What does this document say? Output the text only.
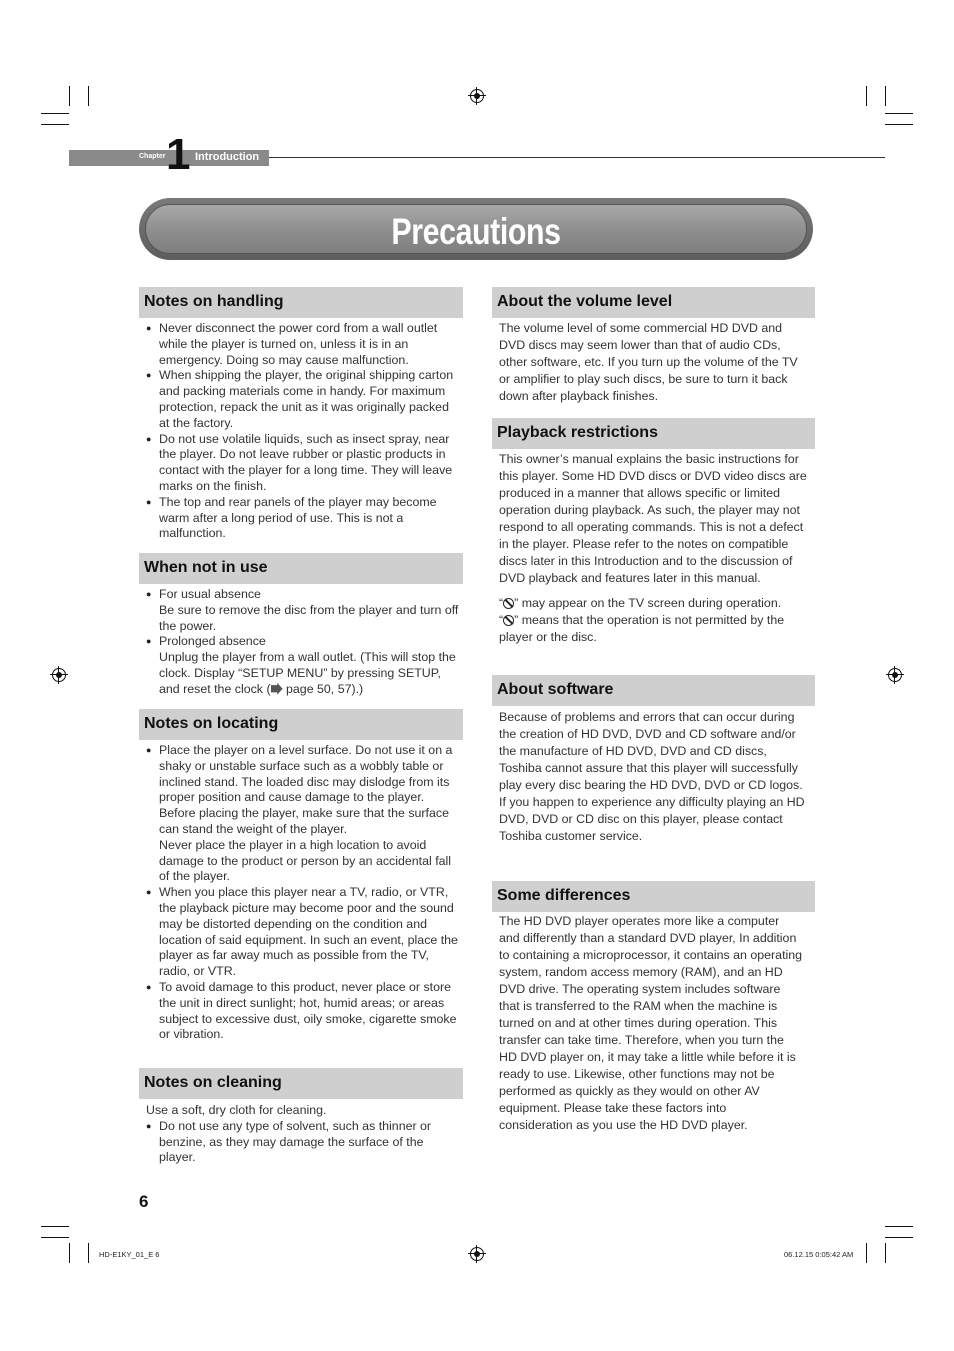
Chapter 1 Introduction
Precautions
Notes on handling
● Never disconnect the power cord from a wall outlet while the player is turned on, unless it is in an emergency. Doing so may cause malfunction.
● When shipping the player, the original shipping carton and packing materials come in handy. For maximum protection, repack the unit as it was originally packed at the factory.
● Do not use volatile liquids, such as insect spray, near the player. Do not leave rubber or plastic products in contact with the player for a long time. They will leave marks on the finish.
● The top and rear panels of the player may become warm after a long period of use. This is not a malfunction.
When not in use
● For usual absence
Be sure to remove the disc from the player and turn off the power.
● Prolonged absence
Unplug the player from a wall outlet. (This will stop the clock. Display “SETUP MENU” by pressing SETUP, and reset the clock ( page 50, 57).)
Notes on locating
● Place the player on a level surface. Do not use it on a shaky or unstable surface such as a wobbly table or inclined stand. The loaded disc may dislodge from its proper position and cause damage to the player.
Before placing the player, make sure that the surface can stand the weight of the player.
Never place the player in a high location to avoid damage to the product or person by an accidental fall of the player.
● When you place this player near a TV, radio, or VTR, the playback picture may become poor and the sound may be distorted depending on the condition and location of said equipment. In such an event, place the player as far away much as possible from the TV, radio, or VTR.
● To avoid damage to this product, never place or store the unit in direct sunlight; hot, humid areas; or areas subject to excessive dust, oily smoke, cigarette smoke or vibration.
Notes on cleaning

Use a soft, dry cloth for cleaning.

● Do not use any type of solvent, such as thinner or benzine, as they may damage the surface of the player.
About the volume level

The volume level of some commercial HD DVD and DVD discs may seem lower than that of audio CDs, other software, etc. If you turn up the volume of the TV or amplifier to play such discs, be sure to turn it back down after playback finishes.

Playback restrictions

This owner’s manual explains the basic instructions for this player. Some HD DVD discs or DVD video discs are produced in a manner that allows specific or limited operation during playback. As such, the player may not respond to all operating commands. This is not a defect in the player. Please refer to the notes on compatible discs later in this Introduction and to the discussion of DVD playback and features later in this manual.

“ ” may appear on the TV screen during operation.

“ ” means that the operation is not permitted by the player or the disc.

About software

Because of problems and errors that can occur during the creation of HD DVD, DVD and CD software and/or the manufacture of HD DVD, DVD and CD discs, Toshiba cannot assure that this player will successfully play every disc bearing the HD DVD, DVD or CD logos. If you happen to experience any difficulty playing an HD DVD, DVD or CD disc on this player, please contact Toshiba customer service.

Some differences

The HD DVD player operates more like a computer and differently than a standard DVD player, In addition to containing a microprocessor, it contains an operating system, random access memory (RAM), and an HD DVD drive. The operating system includes software that is transferred to the RAM when the machine is turned on and at other times during operation. This transfer can take time. Therefore, when you turn the HD DVD player on, it may take a little while before it is ready to use. Likewise, other functions may not be performed as quickly as they would on other AV equipment. Please take these factors into consideration as you use the HD DVD player.

6
HD-E1KY_01_E 6	06.12.15 0:05:42 AM
